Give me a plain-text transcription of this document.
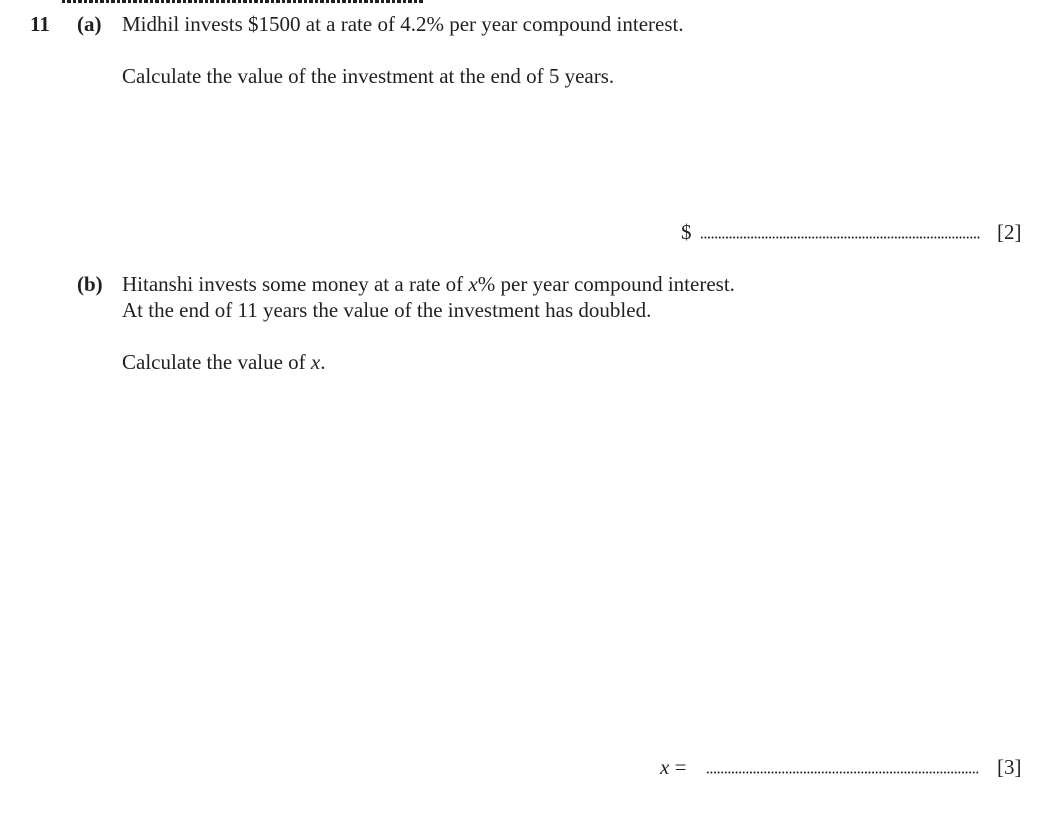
11 (a) Midhil invests $1500 at a rate of 4.2% per year compound interest.
Calculate the value of the investment at the end of 5 years.
$	[2]
(b) Hitanshi invests some money at a rate of x% per year compound interest.
At the end of 11 years the value of the investment has doubled.
Calculate the value of x.
x =	[3]
